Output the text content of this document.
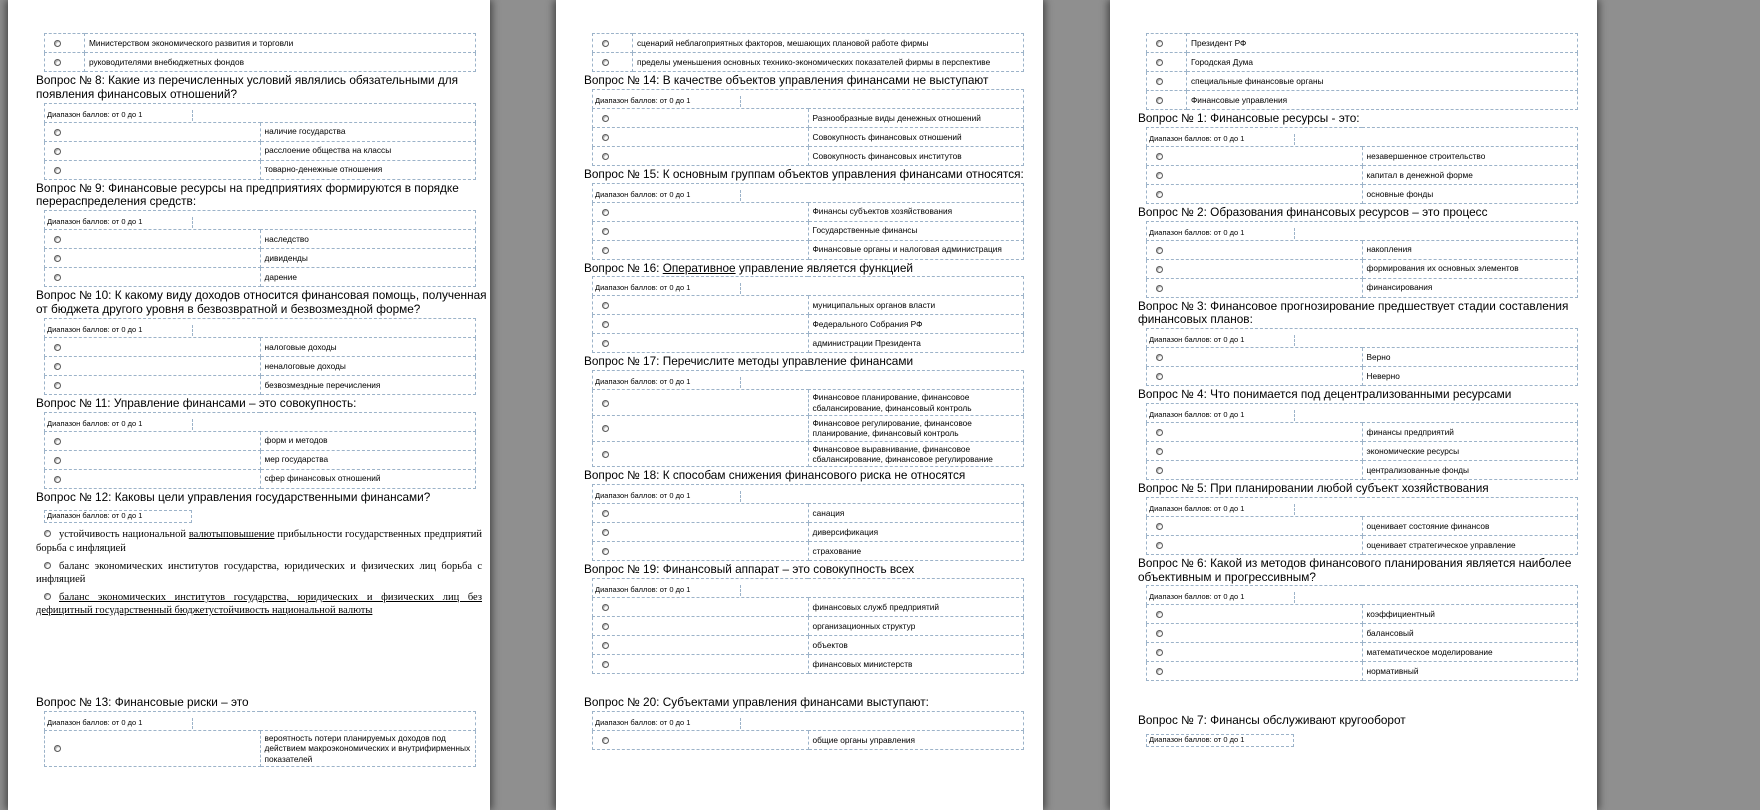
	Министерством экономического развития и торговли
	руководителями внебюджетных фондов
Вопрос № 8: Какие из перечисленных условий являлись обязательными для появления финансовых отношений?
Диапазон баллов: от 0 до 1	
	наличие государства
	расслоение общества на классы
	товарно-денежные отношения
Вопрос № 9: Финансовые ресурсы на предприятиях формируются в порядке перераспределения средств:
Диапазон баллов: от 0 до 1	
	наследство
	дивиденды
	дарение
Вопрос № 10: К какому виду доходов относится финансовая помощь, полученная от бюджета другого уровня в безвозвратной и безвозмездной форме?
Диапазон баллов: от 0 до 1	
	налоговые доходы
	неналоговые доходы
	безвозмездные перечисления
Вопрос № 11: Управление финансами – это совокупность:
Диапазон баллов: от 0 до 1	
	форм и методов
	мер государства
	сфер финансовых отношений
Вопрос № 12: Каковы цели управления государственными финансами?
Диапазон баллов: от 0 до 1
устойчивость национальной валютыповышение прибыльности государственных предприятий борьба с инфляцией
баланс экономических институтов государства, юридических и физических лиц борьба с инфляцией
баланс экономических институтов государства, юридических и физических лиц без дефицитный государственный бюджетустойчивость национальной валюты
Вопрос № 13: Финансовые риски – это
Диапазон баллов: от 0 до 1
	вероятность потери планируемых доходов под действием макроэкономических и внутрифирменных показателей
	сценарий неблагоприятных факторов, мешающих плановой работе фирмы
	пределы уменьшения основных технико-экономических показателей фирмы в перспективе
Вопрос № 14: В качестве объектов управления финансами не выступают
Диапазон баллов: от 0 до 1	
	Разнообразные виды денежных отношений
	Совокупность финансовых отношений
	Совокупность финансовых институтов
Вопрос № 15: К основным группам объектов управления финансами относятся:
Диапазон баллов: от 0 до 1	
	Финансы субъектов хозяйствования
	Государственные финансы
	Финансовые органы и налоговая администрация
Вопрос № 16: Оперативное управление является функцией
Диапазон баллов: от 0 до 1	
	муниципальных органов власти
	Федерального Собрания РФ
	администрации Президента
Вопрос № 17: Перечислите методы управление финансами
Диапазон баллов: от 0 до 1	
	Финансовое планирование, финансовое сбалансирование, финансовый контроль
	Финансовое регулирование, финансовое планирование, финансовый контроль
	Финансовое выравнивание, финансовое сбалансирование, финансовое регулирование
Вопрос № 18: К способам снижения финансового риска не относятся
Диапазон баллов: от 0 до 1	
	санация
	диверсификация
	страхование
Вопрос № 19: Финансовый аппарат – это совокупность всех
Диапазон баллов: от 0 до 1	
	финансовых служб предприятий
	организационных структур
	объектов
	финансовых министерств
Вопрос № 20: Субъектами управления финансами выступают:
Диапазон баллов: от 0 до 1
	общие органы управления
	Президент РФ
	Городская Дума
	специальные финансовые органы
	Финансовые управления
Вопрос № 1: Финансовые ресурсы - это:
Диапазон баллов: от 0 до 1	
	незавершенное строительство
	капитал в денежной форме
	основные фонды
Вопрос № 2: Образования финансовых ресурсов – это процесс
Диапазон баллов: от 0 до 1	
	накопления
	формирования их основных элементов
	финансирования
Вопрос № 3: Финансовое прогнозирование предшествует стадии составления финансовых планов:
Диапазон баллов: от 0 до 1	
	Верно
	Неверно
Вопрос № 4: Что понимается под децентрализованными ресурсами
Диапазон баллов: от 0 до 1	
	финансы предприятий
	экономические ресурсы
	централизованные фонды
Вопрос № 5: При планировании любой субъект хозяйствования
Диапазон баллов: от 0 до 1	
	оценивает состояние финансов
	оценивает стратегическое управление
Вопрос № 6: Какой из методов финансового планирования является наиболее объективным и прогрессивным?
Диапазон баллов: от 0 до 1	
	коэффициентный
	балансовый
	математическое моделирование
	нормативный
Вопрос № 7: Финансы обслуживают кругооборот
Диапазон баллов: от 0 до 1
